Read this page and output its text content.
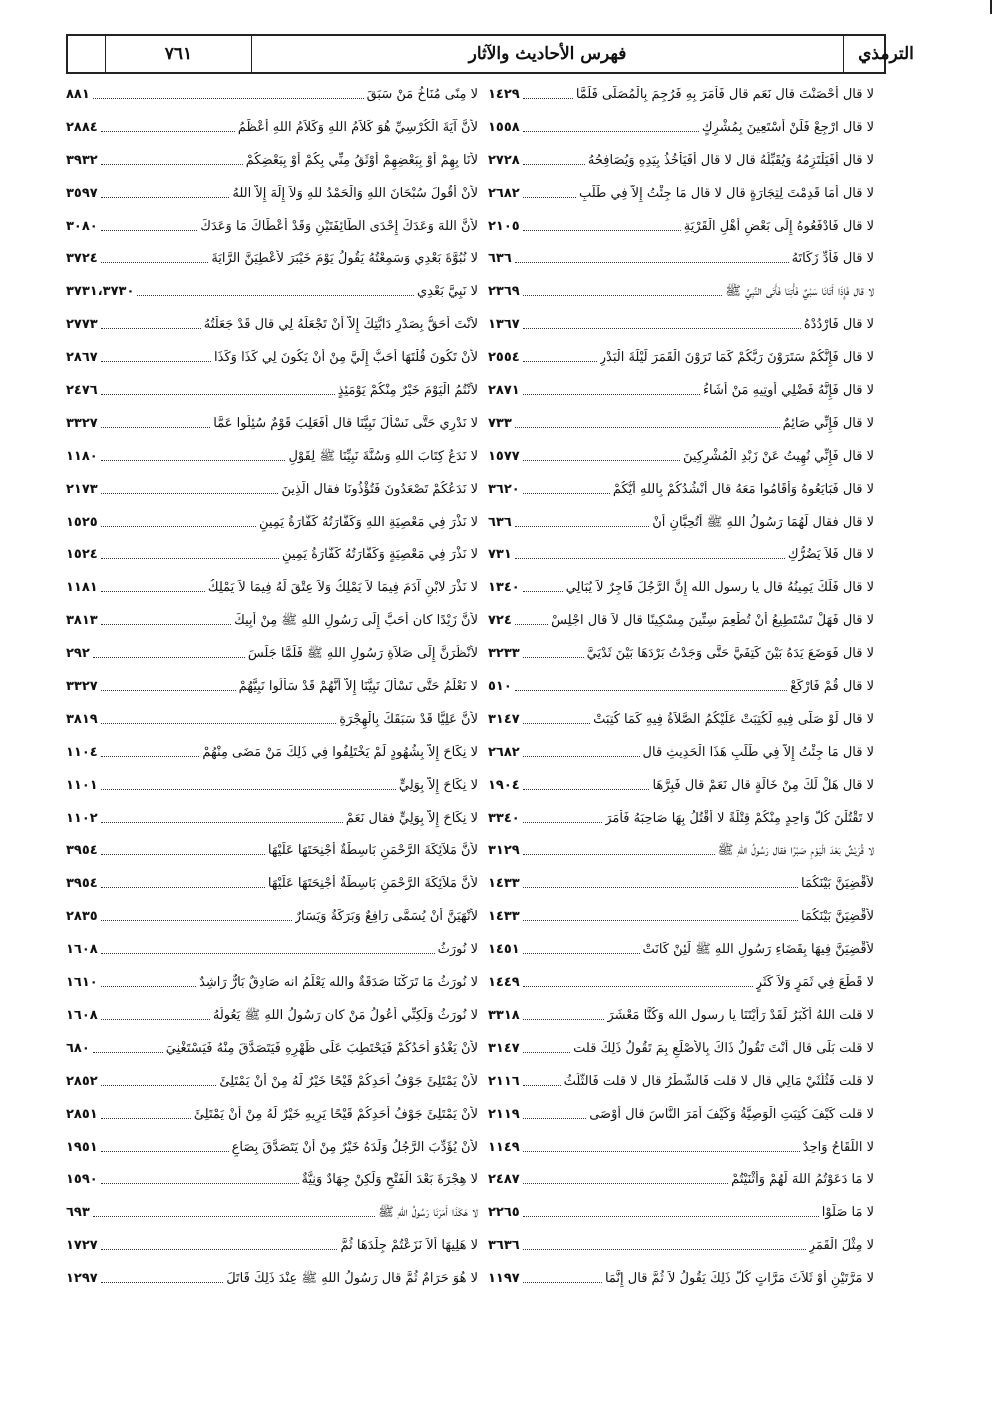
٧٦١	فهرس الأحاديث والآثار	الترمذي
لا قال أَحْصَنْتَ قال نَعَم قال فَأَمَرَ بِهِ فَرُجِمَ بِالْمُصَلَّى فَلَمَّا
١٤٢٩
لا قال ارْجِعْ فَلَنْ أَسْتَعِينَ بِمُشْرِكٍ
١٥٥٨
لا قال أَفَيَلْتَزِمُهُ وَيُقَبِّلُهُ قال لا قال أَفَيَأْخُذُ بِيَدِهِ وَيُصَافِحُهُ
٢٧٢٨
لا قال أَمَا قَدِمْتَ لِتِجَارَةٍ قال لا قال مَا جِئْتُ إِلاَّ فِي طَلَبِ
٢٦٨٢
لا قال فَادْفَعُوهُ إِلَى بَعْضِ أَهْلِ الْقَرْيَةِ
٢١٠٥
لا قال فَأَدِّ زَكَاتَهُ
٦٣٦
لا قال فَإِذَا أَتَانَا سَبْيٌ فَأْتِنَا فَأَتَى النَّبِيَّ ﷺ
٢٣٦٩
لا قال فَارْدُدْهُ
١٣٦٧
لا قال فَإِنَّكُمْ سَتَرَوْنَ رَبَّكُمْ كَمَا تَرَوْنَ الْقَمَرَ لَيْلَةَ الْبَدْرِ
٢٥٥٤
لا قال فَإِنَّهُ فَضْلِي أُوتِيهِ مَنْ أَشَاءُ
٢٨٧١
لا قال فَإِنِّي صَائِمٌ
٧٣٣
لا قال فَإِنِّي نُهِيتُ عَنْ زَبْدِ الْمُشْرِكِينَ
١٥٧٧
لا قال فَبَايَعُوهُ وَأَقَامُوا مَعَهُ قال أَنْشُدُكُمْ بِاللهِ أَيُّكُمْ
٣٦٢٠
لا قال فقال لَهُمَا رَسُولُ اللهِ ﷺ أَتُحِبَّانِ أَنْ
٦٣٦
لا قال فَلاَ يَضُرُّكِ
٧٣١
لا قال فَلَكَ يَمِينُهُ قال يا رسول الله إِنَّ الرَّجُلَ فَاجِرٌ لاَ يُبَالِي
١٣٤٠
لا قال فَهَلْ تَسْتَطِيعُ أَنْ تُطْعِمَ سِتِّينَ مِسْكِينًا قال لاَ قال اجْلِسْ
٧٢٤
لا قال فَوَضَعَ يَدَهُ بَيْنَ كَتِفَيَّ حَتَّى وَجَدْتُ بَرْدَهَا بَيْنَ ثَدْيَيَّ
٣٢٣٣
لا قال قُمْ فَارْكَعْ
٥١٠
لا قال لَوْ صَلَّى فِيهِ لَكُتِبَتْ عَلَيْكُمُ الصَّلاَةُ فِيهِ كَمَا كُتِبَتْ
٣١٤٧
لا قال مَا جِئْتُ إِلاَّ فِي طَلَبِ هَذَا الْحَدِيثِ قال
٢٦٨٢
لا قال هَلْ لَكَ مِنْ خَالَةٍ قال نَعَمْ قال فَبِرَّهَا
١٩٠٤
لا تَقْتُلْنَ كُلُّ وَاحِدٍ مِنْكُمْ قِتْلَةً لا أَقْتُلُ بِهَا صَاحِبَهُ فَأَمَرَ
٣٣٤٠
لا قُرَيْشٌ بَعْدَ الْيَوْمِ صَبْرًا فقال رَسُولُ اللهِ ﷺ
٣١٢٩
لأَقْضِيَنَّ بَيْنَكُمَا
١٤٣٣
لأَقْضِيَنَّ بَيْنَكُمَا
١٤٣٣
لأَقْضِيَنَّ فِيهَا بِقَضَاءِ رَسُولِ اللهِ ﷺ لَئِنْ كَانَتْ
١٤٥١
لا قَطْعَ فِي ثَمَرٍ وَلاَ كَثَرٍ
١٤٤٩
لا قلت اللهُ أَكْبَرُ لَقَدْ رَأَيْتَنَا يا رسول الله وَكُنَّا مَعْشَرَ
٣٣١٨
لا قلت بَلَى قال أَنْتَ تَقُولُ ذَاكَ بِالأَصْلَعِ بِمَ تَقُولُ ذَلِكَ قلت
٣١٤٧
لا قلت فَثُلُثَيْ مَالِي قال لا قلت فَالشَّطْرُ قال لا قلت فَالثُّلُثُ
٢١١٦
لا قلت كَيْفَ كُتِبَتِ الْوَصِيَّةُ وَكَيْفَ أَمَرَ النَّاسَ قال أَوْصَى
٢١١٩
لا اللِّقَاحُ وَاحِدٌ
١١٤٩
لا مَا دَعَوْتُمُ اللهَ لَهُمْ وَأَثْنَيْتُمْ
٢٤٨٧
لا مَا صَلَّوْا
٢٢٦٥
لا مِثْلَ الْقَمَرِ
٣٦٣٦
لا مَرَّتَيْنِ أَوْ ثَلاَثَ مَرَّاتٍ كُلُّ ذَلِكَ يَقُولُ لاَ ثُمَّ قال إِنَّمَا
١١٩٧
لا مِنًى مُنَاخُ مَنْ سَبَقَ
٨٨١
لأَنَّ آيَةَ الْكُرْسِيِّ هُوَ كَلاَمُ اللهِ وَكَلاَمُ اللهِ أَعْظَمُ
٢٨٨٤
لأَنَا بِهِمْ أَوْ بِبَعْضِهِمْ أَوْثَقُ مِنِّي بِكُمْ أَوْ بِبَعْضِكُمْ
٣٩٣٢
لأَنْ أَقُولَ سُبْحَانَ اللهِ وَالْحَمْدُ للهِ وَلاَ إِلَهَ إِلاَّ اللهُ
٣٥٩٧
لأَنَّ اللهَ وَعَدَكَ إِحْدَى الطَّائِفَتَيْنِ وَقَدْ أَعْطَاكَ مَا وَعَدَكَ
٣٠٨٠
لا نُبُوَّةَ بَعْدِي وَسَمِعْتُهُ يَقُولُ يَوْمَ خَيْبَرَ لأُعْطِيَنَّ الرَّايَةَ
٣٧٢٤
لا نَبِيَّ بَعْدِي
٣٧٣١،٣٧٣٠
لأَنْتَ أَحَقُّ بِصَدْرِ دَابَّتِكَ إِلاَّ أَنْ تَجْعَلَهُ لِي قال قَدْ جَعَلْتُهُ
٢٧٧٣
لأَنْ تَكُونَ قُلْتَهَا أَحَبُّ إِلَيَّ مِنْ أَنْ يَكُونَ لِي كَذَا وَكَذَا
٢٨٦٧
لأَنْتُمُ الْيَوْمَ خَيْرٌ مِنْكُمْ يَوْمَئِذٍ
٢٤٧٦
لا نَدْرِي حَتَّى نَسْأَلَ نَبِيَّنَا قال أَفَعَلِبَ قَوْمٌ سُئِلُوا عَمَّا
٣٣٢٧
لا نَدَعُ كِتَابَ اللهِ وَسُنَّةَ نَبِيِّنَا ﷺ لِقَوْلِ
١١٨٠
لا نَدَعُكُمْ تَصْعَدُونَ فَتُؤْذُونَا فقال الَّذِينَ
٢١٧٣
لا نَذْرَ فِي مَعْصِيَةِ اللهِ وَكَفَّارَتُهُ كَفَّارَةُ يَمِينٍ
١٥٢٥
لا نَذْرَ فِي مَعْصِيَةٍ وَكَفَّارَتُهُ كَفَّارَةُ يَمِينٍ
١٥٢٤
لا نَذْرَ لابْنِ آدَمَ فِيمَا لاَ يَمْلِكُ وَلاَ عِتْقَ لَهُ فِيمَا لاَ يَمْلِكُ
١١٨١
لأَنَّ زَيْدًا كان أَحَبَّ إِلَى رَسُولِ اللهِ ﷺ مِنْ أَبِيكَ
٣٨١٣
لأَنْظُرَنَّ إِلَى صَلاَةِ رَسُولِ اللهِ ﷺ فَلَمَّا جَلَسَ
٢٩٢
لا نَعْلَمُ حَتَّى نَسْأَلَ نَبِيَّنَا إِلاَّ أَنَّهُمْ قَدْ سَأَلُوا نَبِيَّهُمْ
٣٣٢٧
لأَنَّ عَلِيًّا قَدْ سَبَقَكَ بِالْهِجْرَةِ
٣٨١٩
لا نِكَاحَ إِلاَّ بِشُهُودٍ لَمْ يَخْتَلِفُوا فِي ذَلِكَ مَنْ مَضَى مِنْهُمْ
١١٠٤
لا نِكَاحَ إِلاَّ بِوَلِيٍّ
١١٠١
لا نِكَاحَ إِلاَّ بِوَلِيٍّ فقال نَعَمْ
١١٠٢
لأَنَّ مَلاَئِكَةَ الرَّحْمَنِ بَاسِطَةٌ أَجْنِحَتَهَا عَلَيْهَا
٣٩٥٤
لأَنَّ مَلاَئِكَةَ الرَّحْمَنِ بَاسِطَةٌ أَجْنِحَتَهَا عَلَيْهَا
٣٩٥٤
لأَنْهَيَنَّ أَنْ يُسَمَّى رَافِعٌ وَبَرَكَةُ وَيَسَارٌ
٢٨٣٥
لا نُورَثُ
١٦٠٨
لا نُورَثُ مَا تَرَكْنَا صَدَقَةٌ والله يَعْلَمُ انه صَادِقٌ بَارٌّ رَاشِدٌ
١٦١٠
لا نُورَثُ وَلَكِنِّي أَعُولُ مَنْ كان رَسُولُ اللهِ ﷺ يَعُولُهُ
١٦٠٨
لأَنْ يَغْدُوَ أَحَدُكُمْ فَيَحْتَطِبَ عَلَى ظَهْرِهِ فَيَتَصَدَّقَ مِنْهُ فَيَسْتَغْنِيَ
٦٨٠
لأَنْ يَمْتَلِئَ جَوْفُ أَحَدِكُمْ قَيْحًا خَيْرٌ لَهُ مِنْ أَنْ يَمْتَلِئَ
٢٨٥٢
لأَنْ يَمْتَلِئَ جَوْفُ أَحَدِكُمْ قَيْحًا يَرِيهِ خَيْرٌ لَهُ مِنْ أَنْ يَمْتَلِئَ
٢٨٥١
لأَنْ يُؤَدِّبَ الرَّجُلُ وَلَدَهُ خَيْرٌ مِنْ أَنْ يَتَصَدَّقَ بِصَاعٍ
١٩٥١
لا هِجْرَةَ بَعْدَ الْفَتْحِ وَلَكِنْ جِهَادٌ وَنِيَّةٌ
١٥٩٠
لا هَكَذَا أَمَرَنَا رَسُولُ اللهِ ﷺ
٦٩٣
لا هَلِيهَا أَلاَ نَزَعْتُمْ جِلْدَهَا ثُمَّ
١٧٢٧
لا هُوَ حَرَامٌ ثُمَّ قال رَسُولُ اللهِ ﷺ عِنْدَ ذَلِكَ قَاتَلَ
١٢٩٧
